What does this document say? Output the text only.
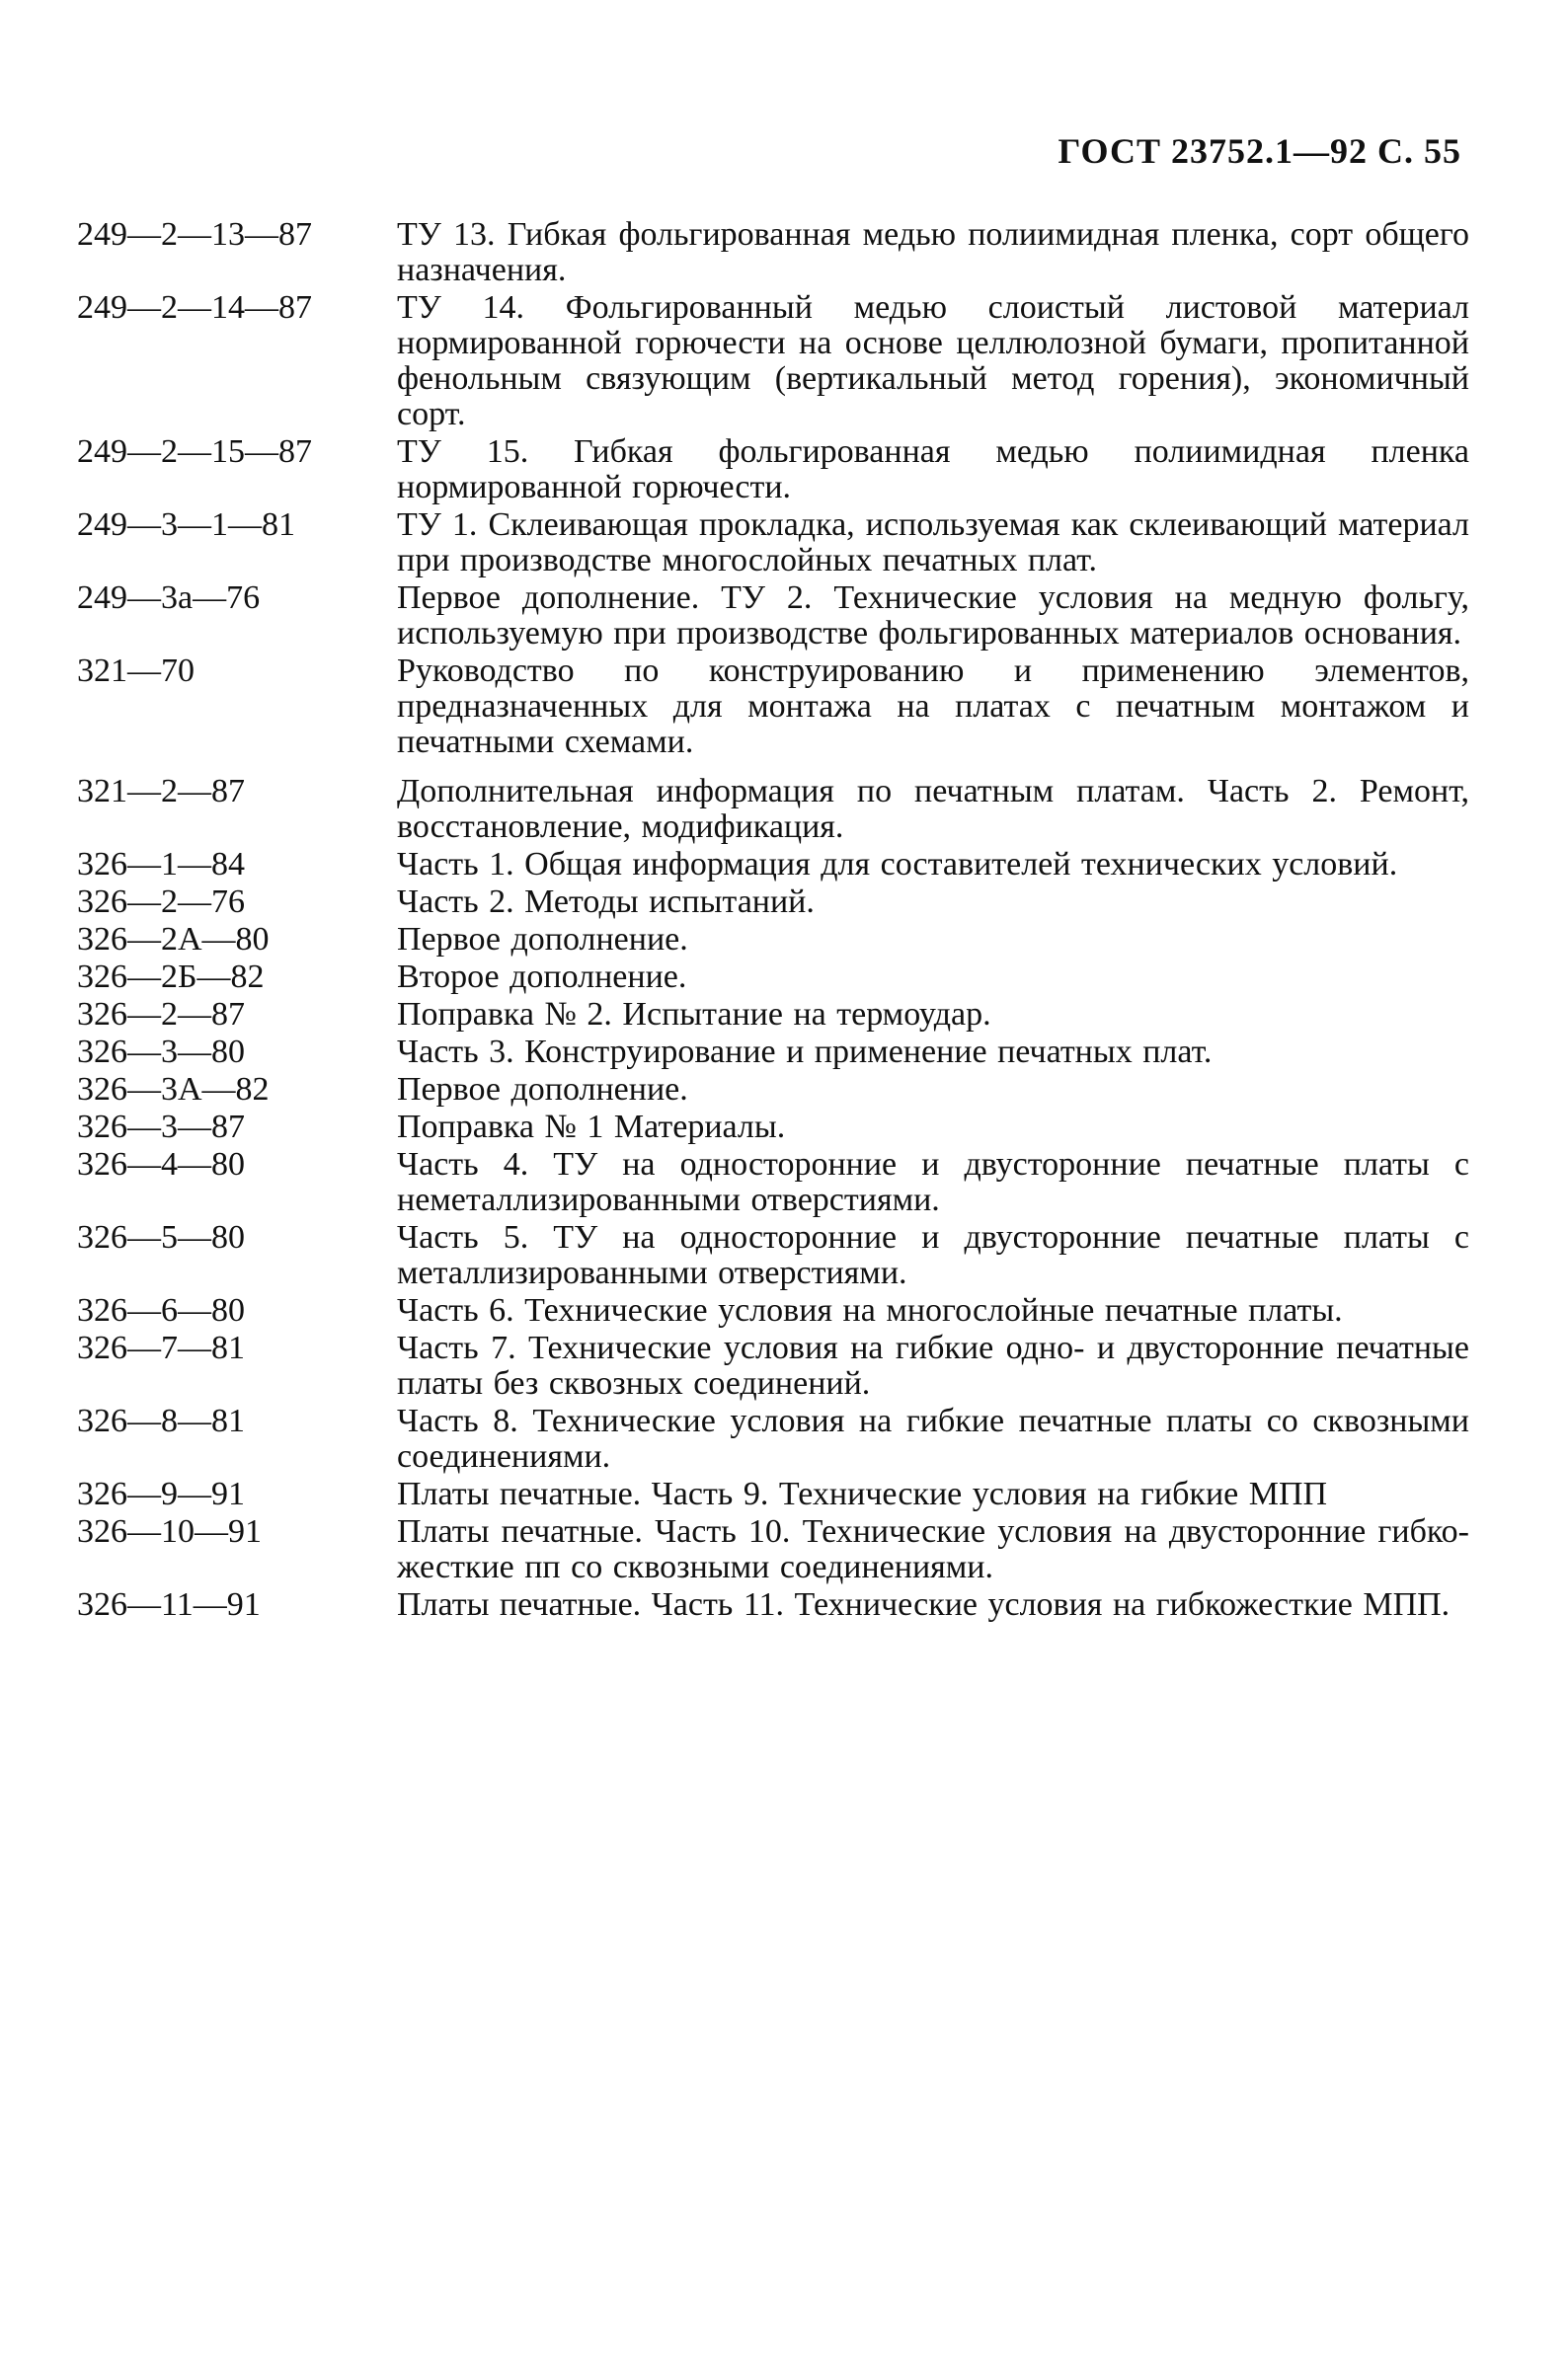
ГОСТ 23752.1—92 С. 55
249—2—13—87	ТУ 13. Гибкая фольгированная медью полиимидная пленка, сорт общего назначения.
249—2—14—87	ТУ 14. Фольгированный медью слоистый листовой материал нормированной горючести на основе целлюлозной бумаги, пропитанной фенольным связующим (вертикальный метод горения), экономичный сорт.
249—2—15—87	ТУ 15. Гибкая фольгированная медью полиимидная пленка нормированной горючести.
249—3—1—81	ТУ 1. Склеивающая прокладка, используемая как склеивающий материал при производстве многослойных печатных плат.
249—3а—76	Первое дополнение. ТУ 2. Технические условия на медную фольгу, используемую при производстве фольгированных материалов основания.
321—70	Руководство по конструированию и применению элементов, предназначенных для монтажа на платах с печатным монтажом и печатными схемами.
321—2—87	Дополнительная информация по печатным платам. Часть 2. Ремонт, восстановление, модификация.
326—1—84	Часть 1. Общая информация для составителей технических условий.
326—2—76	Часть 2. Методы испытаний.
326—2А—80	Первое дополнение.
326—2Б—82	Второе дополнение.
326—2—87	Поправка № 2. Испытание на термоудар.
326—3—80	Часть 3. Конструирование и применение печатных плат.
326—3А—82	Первое дополнение.
326—3—87	Поправка № 1 Материалы.
326—4—80	Часть 4. ТУ на односторонние и двусторонние печатные платы с неметаллизированными отверстиями.
326—5—80	Часть 5. ТУ на односторонние и двусторонние печатные платы с металлизированными отверстиями.
326—6—80	Часть 6. Технические условия на многослойные печатные платы.
326—7—81	Часть 7. Технические условия на гибкие одно- и двусторонние печатные платы без сквозных соединений.
326—8—81	Часть 8. Технические условия на гибкие печатные платы со сквозными соединениями.
326—9—91	Платы печатные. Часть 9. Технические условия на гибкие МПП
326—10—91	Платы печатные. Часть 10. Технические условия на двусторонние гибко-жесткие пп со сквозными соединениями.
326—11—91	Платы печатные. Часть 11. Технические условия на гибкожесткие МПП.
